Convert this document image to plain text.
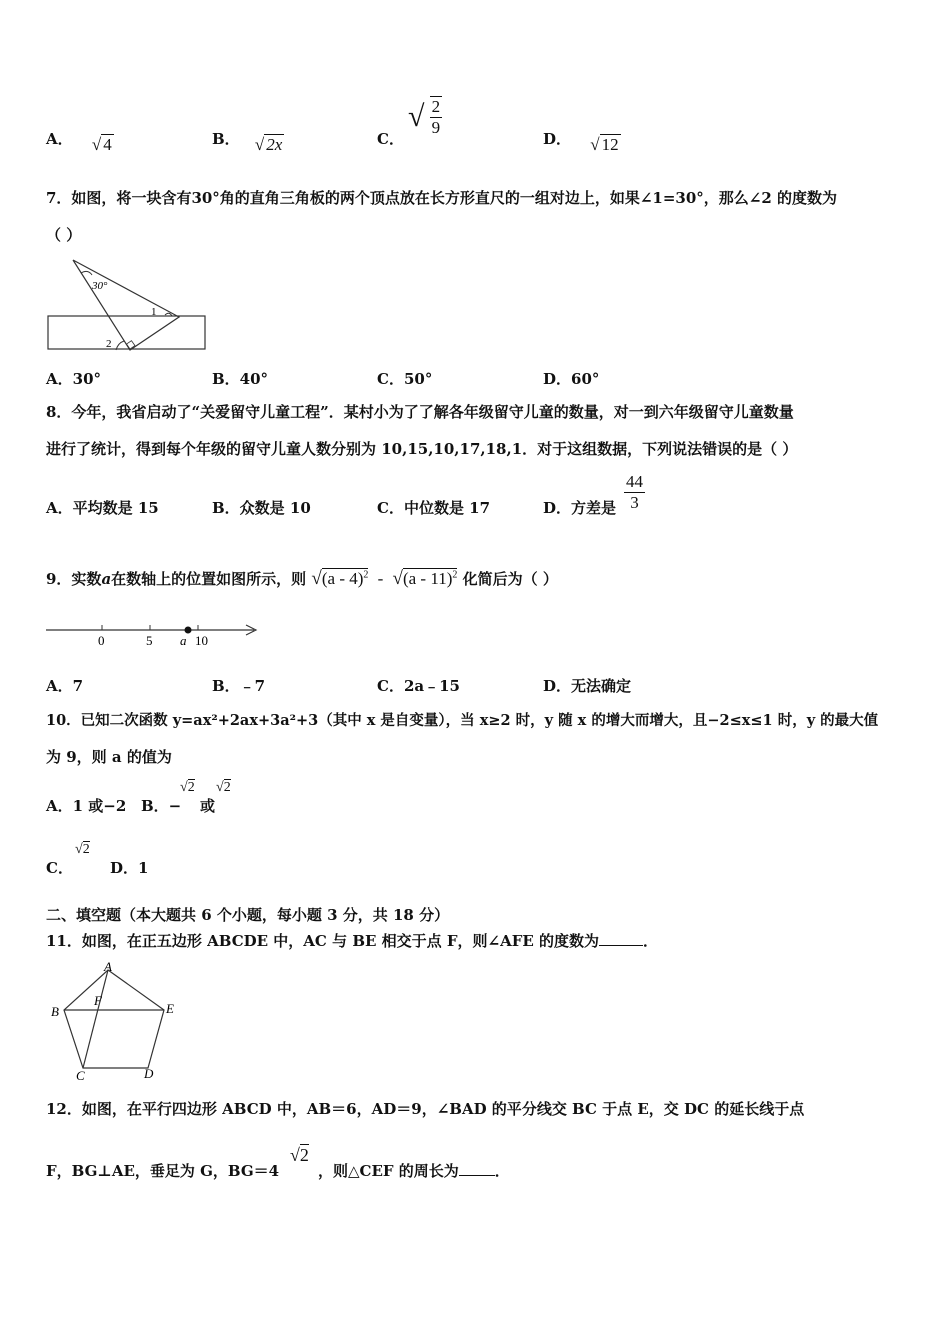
A． √ 4	B． √ 2x	C．
√ $\frac{2}{9}$
D． √ 12
7．如图，将一块含有30°角的直角三角板的两个顶点放在长方形直尺的一组对边上，如果∠1=30°，那么∠2 的度数为
（ ）
30°
1
2
A．30°	B．40°	C．50°	D．60°
8．今年，我省启动了“关爱留守儿童工程”．某村小为了了解各年级留守儿童的数量，对一到六年级留守儿童数量
进行了统计，得到每个年级的留守儿童人数分别为 10,15,10,17,18,1．对于这组数据，下列说法错误的是（ ）
A．平均数是 15	B．众数是 10	C．中位数是 17	D．方差是 $\frac{44}{3}$
9．实数a在数轴上的位置如图所示，则 √(a - 4)$^2$ - √(a - 11)$^2$ 化简后为（ ）
0	5 a 10
A．7	B．﹣7	C．2a﹣15	D．无法确定
10．已知二次函数 y=ax²+2ax+3a²+3（其中 x 是自变量），当 x≥2 时，y 随 x 的增大而增大，且−2≤x≤1 时，y 的最大值
为 9，则 a 的值为
A．1 或−2 B．−
√2
或
√2
C．
√2
D．1
二、填空题（本大题共 6 个小题，每小题 3 分，共 18 分）
11．如图，在正五边形 ABCDE 中，AC 与 BE 相交于点 F，则∠AFE 的度数为	．
A
B
C	D
E
F
12．如图，在平行四边形 ABCD 中，AB＝6，AD＝9，∠BAD 的平分线交 BC 于点 E，交 DC 的延长线于点
F，BG⊥AE，垂足为 G，BG＝4
√2
，则△CEF 的周长为 ．
